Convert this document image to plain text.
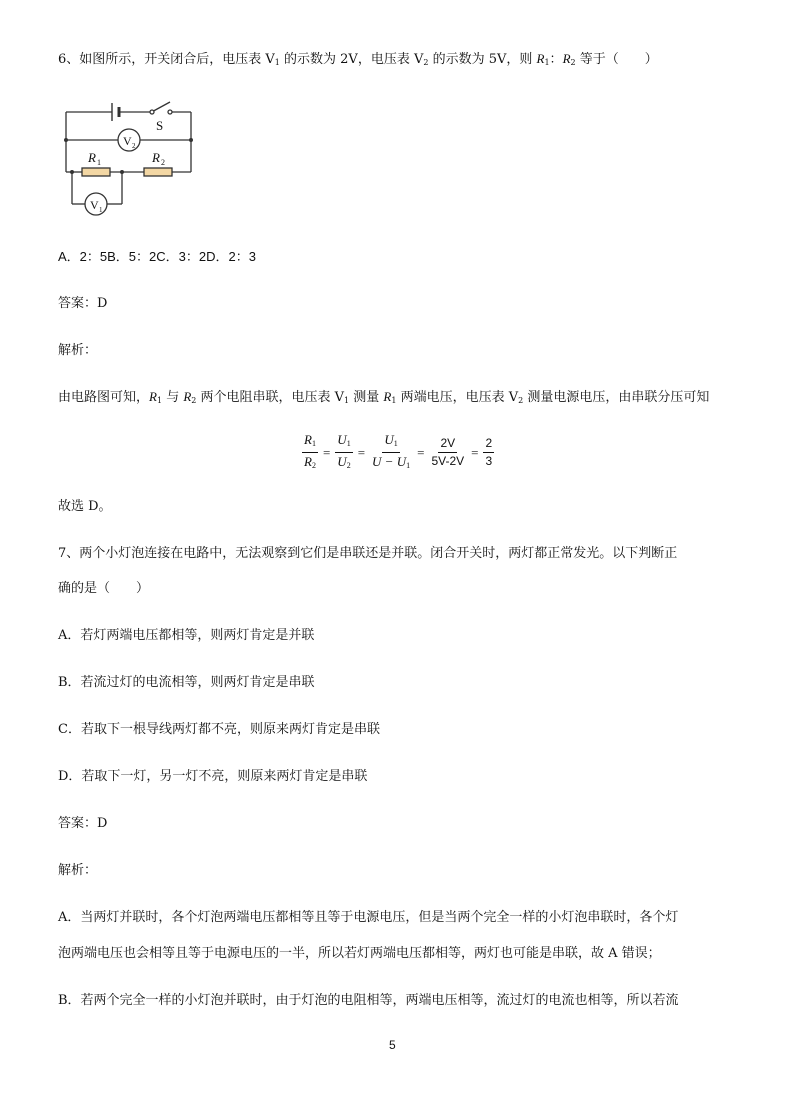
6、如图所示，开关闭合后，电压表 $V_1$ 的示数为 2V，电压表 $V_2$ 的示数为 5V，则 $R_1$：$R_2$ 等于（　　）
S
V 2
R 1	R 2
V 1
A．2：5B．5：2C．3：2D．2：3
答案：D
解析：
由电路图可知，$R_1$ 与 $R_2$ 两个电阻串联，电压表 $V_1$ 测量 $R_1$ 两端电压，电压表 $V_2$ 测量电源电压，由串联分压可知
$\frac{R_1}{R_2} = \frac{U_1}{U_2} = \frac{U_1}{U - U_1} = \frac{2V}{5V-2V} = \frac{2}{3}$
故选 D。
7、两个小灯泡连接在电路中，无法观察到它们是串联还是并联。闭合开关时，两灯都正常发光。以下判断正
确的是（　　）
A．若灯两端电压都相等，则两灯肯定是并联
B．若流过灯的电流相等，则两灯肯定是串联
C．若取下一根导线两灯都不亮，则原来两灯肯定是串联
D．若取下一灯，另一灯不亮，则原来两灯肯定是串联
答案：D
解析：
A．当两灯并联时，各个灯泡两端电压都相等且等于电源电压，但是当两个完全一样的小灯泡串联时，各个灯
泡两端电压也会相等且等于电源电压的一半，所以若灯两端电压都相等，两灯也可能是串联，故 A 错误；
B．若两个完全一样的小灯泡并联时，由于灯泡的电阻相等，两端电压相等，流过灯的电流也相等，所以若流
5
